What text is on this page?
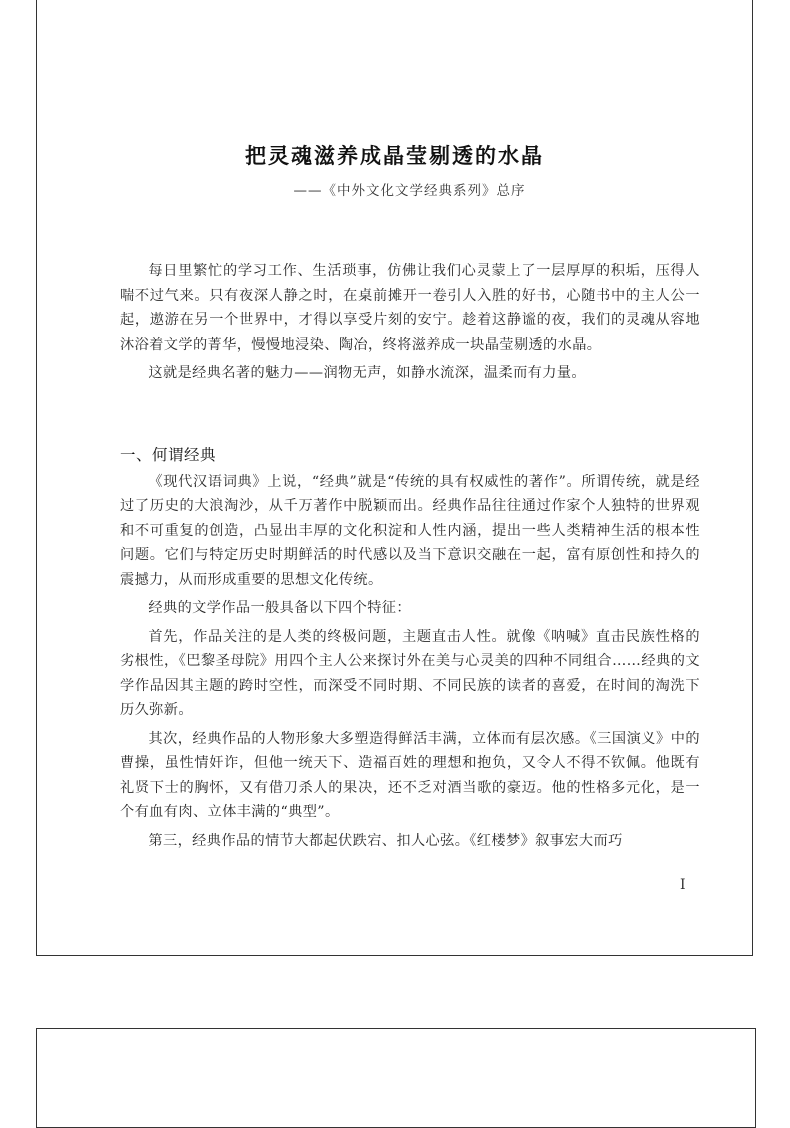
把灵魂滋养成晶莹剔透的水晶
——《中外文化文学经典系列》总序

每日里繁忙的学习工作、生活琐事，仿佛让我们心灵蒙上了一层厚厚的积垢，压得人喘不过气来。只有夜深人静之时，在桌前摊开一卷引人入胜的好书，心随书中的主人公一起，遨游在另一个世界中，才得以享受片刻的安宁。趁着这静谧的夜，我们的灵魂从容地沐浴着文学的菁华，慢慢地浸染、陶冶，终将滋养成一块晶莹剔透的水晶。

这就是经典名著的魅力——润物无声，如静水流深，温柔而有力量。

一、何谓经典

《现代汉语词典》上说，“经典”就是“传统的具有权威性的著作”。所谓传统，就是经过了历史的大浪淘沙，从千万著作中脱颖而出。经典作品往往通过作家个人独特的世界观和不可重复的创造，凸显出丰厚的文化积淀和人性内涵，提出一些人类精神生活的根本性问题。它们与特定历史时期鲜活的时代感以及当下意识交融在一起，富有原创性和持久的震撼力，从而形成重要的思想文化传统。

经典的文学作品一般具备以下四个特征：

首先，作品关注的是人类的终极问题，主题直击人性。就像《呐喊》直击民族性格的劣根性，《巴黎圣母院》用四个主人公来探讨外在美与心灵美的四种不同组合……经典的文学作品因其主题的跨时空性，而深受不同时期、不同民族的读者的喜爱，在时间的淘洗下历久弥新。

其次，经典作品的人物形象大多塑造得鲜活丰满，立体而有层次感。《三国演义》中的曹操，虽性情奸诈，但他一统天下、造福百姓的理想和抱负，又令人不得不钦佩。他既有礼贤下士的胸怀，又有借刀杀人的果决，还不乏对酒当歌的豪迈。他的性格多元化，是一个有血有肉、立体丰满的“典型”。

第三，经典作品的情节大都起伏跌宕、扣人心弦。《红楼梦》叙事宏大而巧

I
